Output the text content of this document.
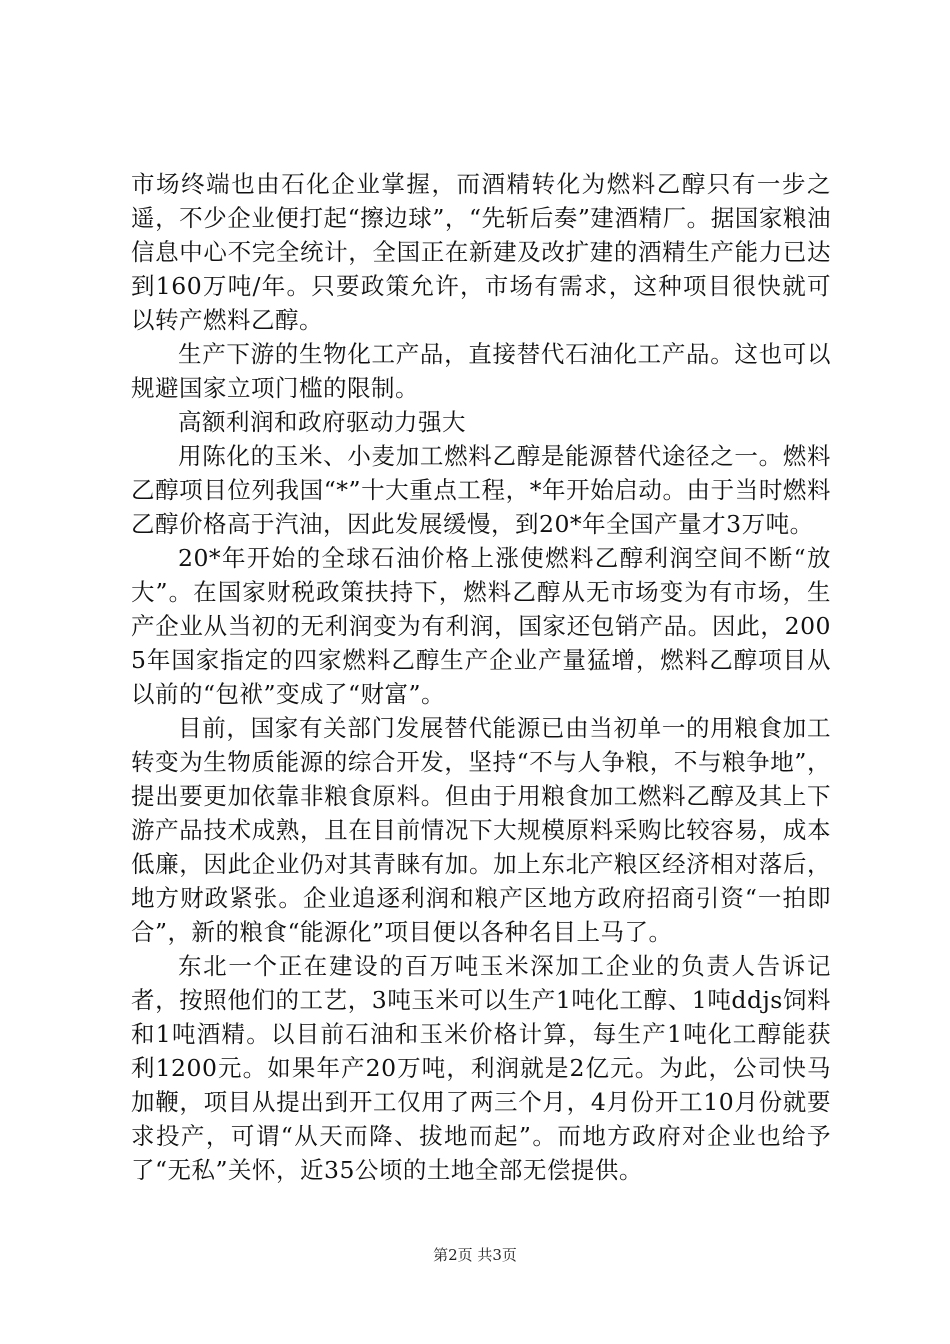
市场终端也由石化企业掌握，而酒精转化为燃料乙醇只有一步之遥，不少企业便打起“擦边球”，“先斩后奏”建酒精厂。据国家粮油信息中心不完全统计，全国正在新建及改扩建的酒精生产能力已达到160万吨/年。只要政策允许，市场有需求，这种项目很快就可以转产燃料乙醇。

生产下游的生物化工产品，直接替代石油化工产品。这也可以规避国家立项门槛的限制。

高额利润和政府驱动力强大

用陈化的玉米、小麦加工燃料乙醇是能源替代途径之一。燃料乙醇项目位列我国“*”十大重点工程，*年开始启动。由于当时燃料乙醇价格高于汽油，因此发展缓慢，到20*年全国产量才3万吨。

20*年开始的全球石油价格上涨使燃料乙醇利润空间不断“放大”。在国家财税政策扶持下，燃料乙醇从无市场变为有市场，生产企业从当初的无利润变为有利润，国家还包销产品。因此，2005年国家指定的四家燃料乙醇生产企业产量猛增，燃料乙醇项目从以前的“包袱”变成了“财富”。

目前，国家有关部门发展替代能源已由当初单一的用粮食加工转变为生物质能源的综合开发，坚持“不与人争粮，不与粮争地”，提出要更加依靠非粮食原料。但由于用粮食加工燃料乙醇及其上下游产品技术成熟，且在目前情况下大规模原料采购比较容易，成本低廉，因此企业仍对其青睐有加。加上东北产粮区经济相对落后，地方财政紧张。企业追逐利润和粮产区地方政府招商引资“一拍即合”，新的粮食“能源化”项目便以各种名目上马了。

东北一个正在建设的百万吨玉米深加工企业的负责人告诉记者，按照他们的工艺，3吨玉米可以生产1吨化工醇、1吨ddjs饲料和1吨酒精。以目前石油和玉米价格计算，每生产1吨化工醇能获利1200元。如果年产20万吨，利润就是2亿元。为此，公司快马加鞭，项目从提出到开工仅用了两三个月，4月份开工10月份就要求投产，可谓“从天而降、拔地而起”。而地方政府对企业也给予了“无私”关怀，近35公顷的土地全部无偿提供。

第2页 共3页
